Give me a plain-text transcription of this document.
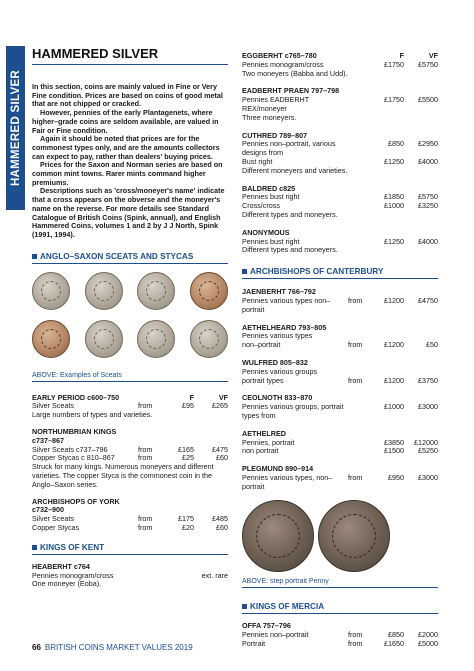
HAMMERED SILVER
HAMMERED SILVER

In this section, coins are mainly valued in Fine or Very Fine condition. Prices are based on coins of good metal that are not chipped or cracked.

However, pennies of the early Plantagenets, where higher–grade coins are seldom available, are valued in Fair or Fine condition.

Again it should be noted that prices are for the commonest types only, and are the amounts collectors can expect to pay, rather than dealers' buying prices.

Prices for the Saxon and Norman series are based on common mint towns. Rarer mints command higher premiums.

Descriptions such as 'cross/moneyer's name' indicate that a cross appears on the obverse and the moneyer's name on the reverse. For more details see Standard Catalogue of British Coins (Spink, annual), and English Hammered Coins, volumes 1 and 2 by J J North, Spink (1991, 1994).

ANGLO–SAXON SCEATS AND STYCAS
ABOVE: Examples of Sceats
EARLY PERIOD c600–750	F	VF
Silver Sceats	from	£95	£265
Large numbers of types and varieties.
NORTHUMBRIAN KINGS c737–867
Silver Sceats c737–796	from	£165	£475
Copper Stycas c 810–867	from	£25	£60
Struck for many kings. Numerous moneyers and different varieties. The copper Styca is the commonest coin in the Anglo–Saxon series.
ARCHBISHOPS OF YORK c732–900
Silver Sceats	from	£175	£485
Copper Stycas	from	£20	£60
KINGS OF KENT
HEABERHT c764
Pennies monogram/cross	ext. rare
One moneyer (Eoba).
EGGBERHT c765–780	F	VF
Pennies monogram/cross	£1750	£5750
Two moneyers (Babba and Udd).
EADBERHT PRAEN 797–798
Pennies EADBERHT REX/moneyer
£1750	£5500
Three moneyers.
CUTHRED 789–807
Pennies non–portrait, various designs from
£850	£2950
Bust right	£1250	£4000
Different moneyers and varieties.
BALDRED c825
Pennies bust right	£1850	£5750
Cross/cross	£1000	£3250
Different types and moneyers.
ANONYMOUS
Pennies bust right	£1250	£4000
Different types and moneyers.
ARCHBISHOPS OF CANTERBURY
JAENBERHT 766–792
Pennies various types non–portrait
from	£1200	£4750
AETHELHEARD 793–805
Pennies various types
non–portrait	from	£1200	£50
WULFRED 805–832
Pennies various groups
portrait types	from	£1200	£3750
CEOLNOTH 833–870
Pennies various groups, portrait types from
£1000	£3000
AETHELRED
Pennies, portrait	£3850	£12000
non portrait	£1500	£5250
PLEGMUND 890–914
Pennies various types, non–portrait
from	£950	£3000
ABOVE: step portrait Penny
KINGS OF MERCIA
OFFA 757–796
Pennies non–portrait	from	£850	£2000
Portrait	from	£1650	£5000
66 BRITISH COINS MARKET VALUES 2019
